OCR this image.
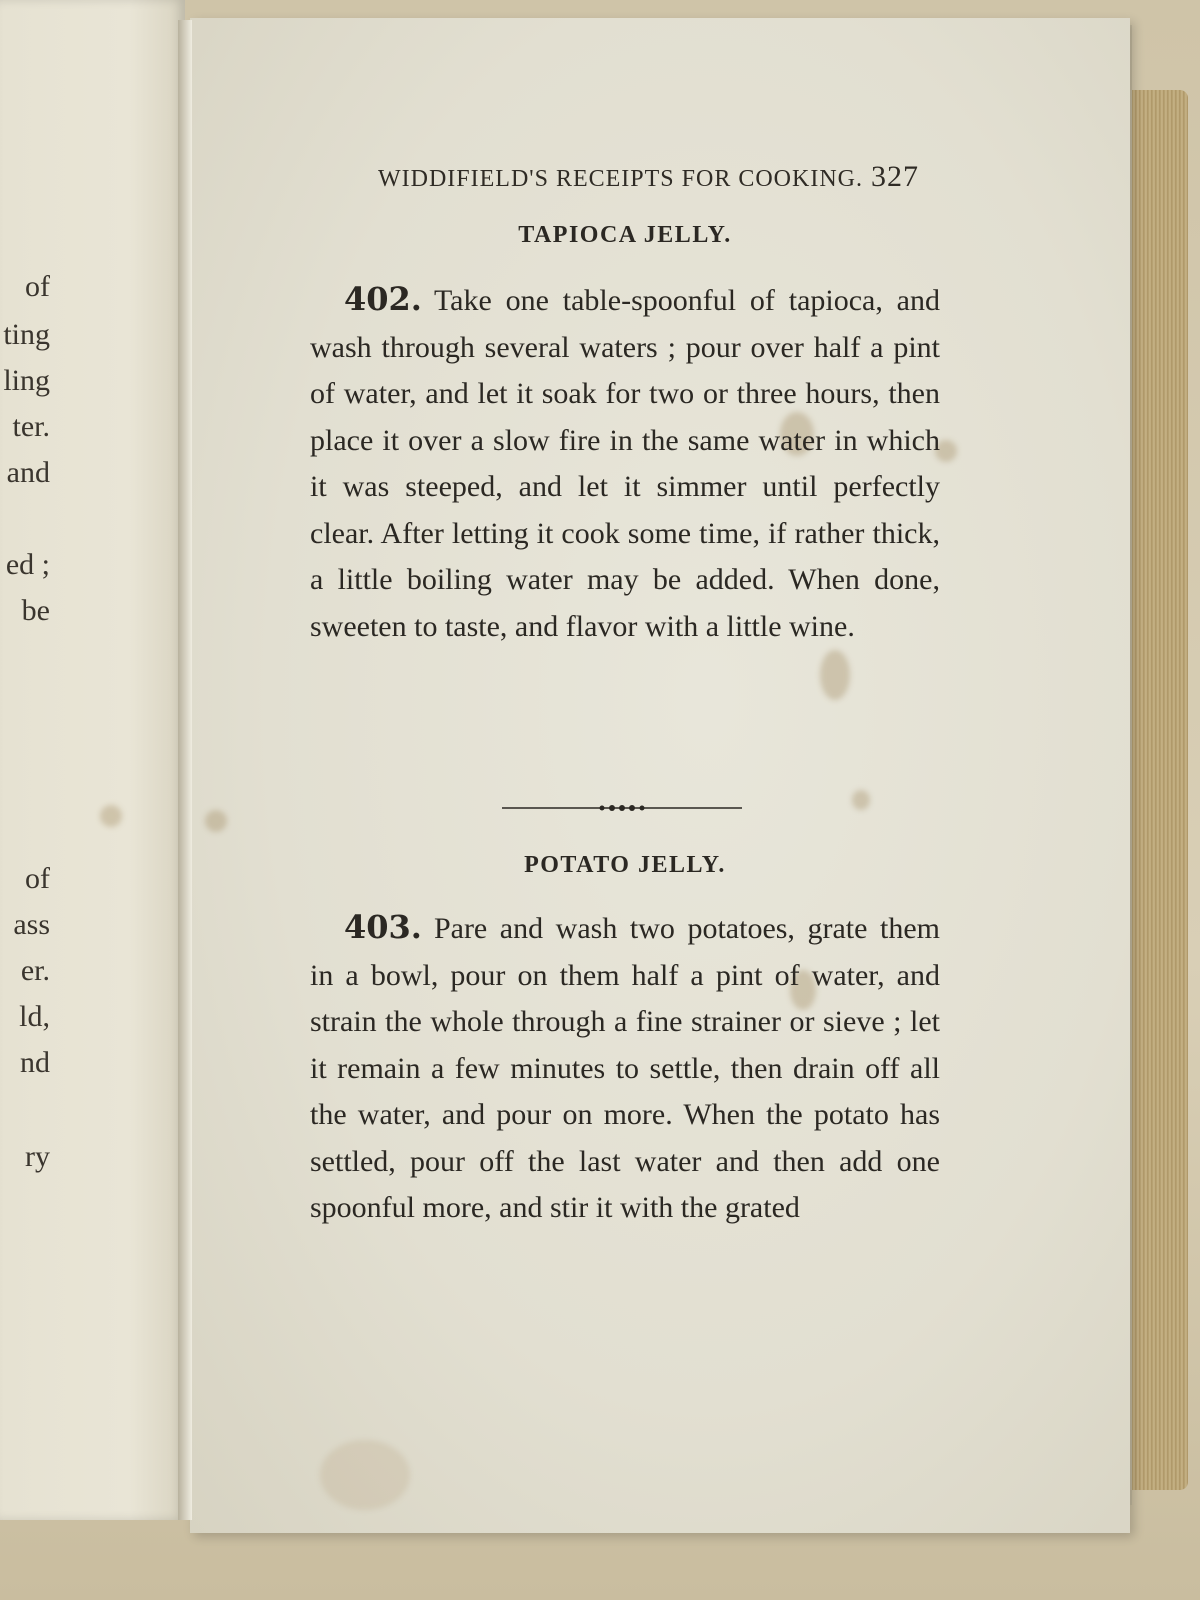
of
ting
ling
ter.
and
ed ;
be
of
ass
er.
ld,
nd
ry
WIDDIFIELD'S RECEIPTS FOR COOKING. 327
TAPIOCA JELLY.
402. Take one table-spoonful of tapioca, and wash through several waters ; pour over half a pint of water, and let it soak for two or three hours, then place it over a slow fire in the same water in which it was steeped, and let it simmer until perfectly clear. After letting it cook some time, if rather thick, a little boiling water may be added. When done, sweeten to taste, and flavor with a little wine.
POTATO JELLY.
403. Pare and wash two potatoes, grate them in a bowl, pour on them half a pint of water, and strain the whole through a fine strainer or sieve ; let it remain a few minutes to settle, then drain off all the water, and pour on more. When the potato has settled, pour off the last water and then add one spoonful more, and stir it with the grated
